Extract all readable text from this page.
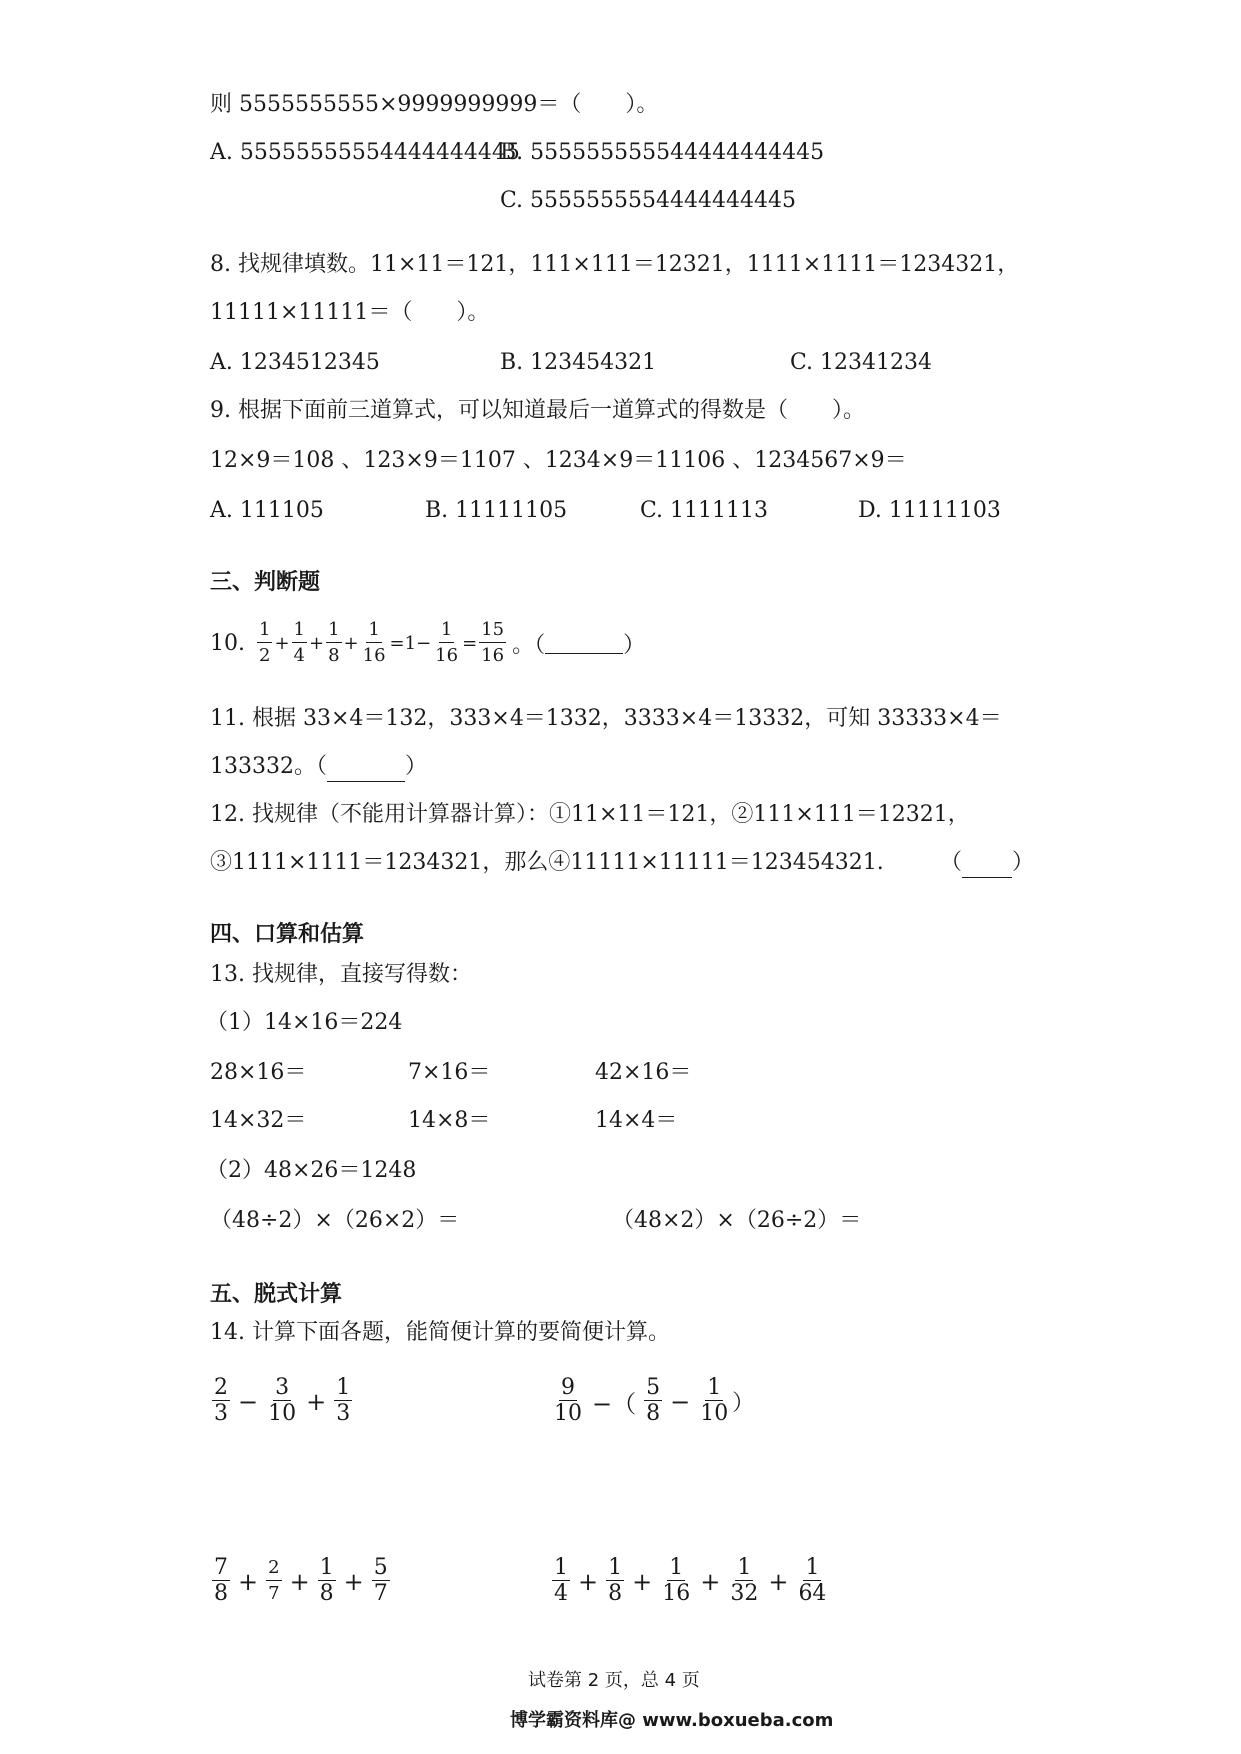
则 5555555555×9999999999＝（　　）。
A. 55555555554444444445
B. 555555555544444444445
C. 5555555554444444445
8. 找规律填数。11×11＝121，111×111＝12321，1111×1111＝1234321，
11111×11111＝（　　）。
A. 1234512345	B. 123454321	C. 12341234
9. 根据下面前三道算式，可以知道最后一道算式的得数是（　　）。
12×9＝108 、123×9＝1107 、1234×9＝11106 、1234567×9＝
A. 111105	B. 11111105	C. 1111113	D. 11111103
三、判断题
10. $\frac{1}{2} + \frac{1}{4} + \frac{1}{8} + \frac{1}{16} =1- \frac{1}{16} = \frac{15}{16}$ 。（	）
11. 根据 33×4＝132，333×4＝1332，3333×4＝13332，可知 33333×4＝
133332。（	）
12. 找规律（不能用计算器计算）：①11×11＝121，②111×111＝12321，
③1111×1111＝1234321，那么④11111×11111＝123454321.	（ ）
四、口算和估算
13. 找规律，直接写得数：
（1）14×16＝224
28×16＝	7×16＝	42×16＝
14×32＝	14×8＝	14×4＝
（2）48×26＝1248
（48÷2）×（26×2）＝	（48×2）×（26÷2）＝
五、脱式计算
14. 计算下面各题，能简便计算的要简便计算。
$\frac{2}{3} - \frac{3}{10} + \frac{1}{3}$	$\frac{9}{10}$ −（ $\frac{5}{8} - \frac{1}{10}$ ）
$\frac{7}{8} + \frac{2}{7} + \frac{1}{8} + \frac{5}{7}$	$\frac{1}{4} + \frac{1}{8} + \frac{1}{16} + \frac{1}{32} + \frac{1}{64}$
试卷第 2 页，总 4 页
博学霸资料库@ www.boxueba.com
